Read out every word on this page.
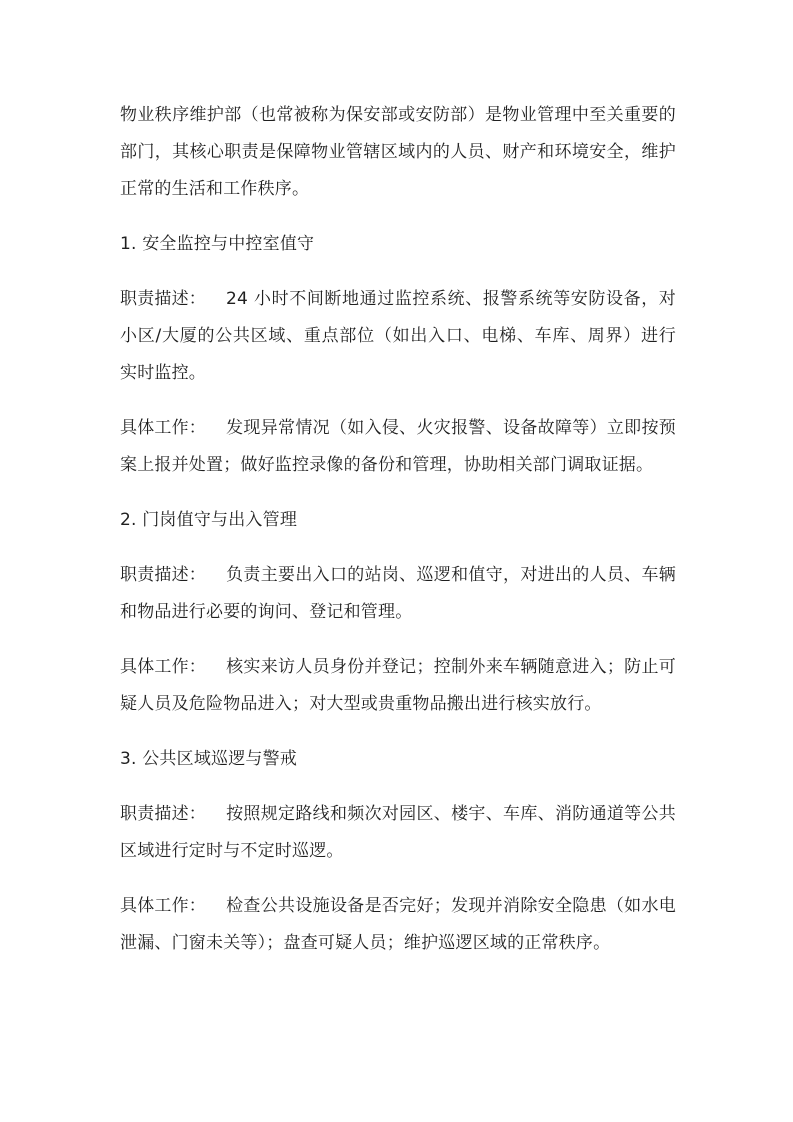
物业秩序维护部（也常被称为保安部或安防部）是物业管理中至关重要的部门，其核心职责是保障物业管辖区域内的人员、财产和环境安全，维护正常的生活和工作秩序。

1. 安全监控与中控室值守

职责描述： 24 小时不间断地通过监控系统、报警系统等安防设备，对小区/大厦的公共区域、重点部位（如出入口、电梯、车库、周界）进行实时监控。

具体工作： 发现异常情况（如入侵、火灾报警、设备故障等）立即按预案上报并处置；做好监控录像的备份和管理，协助相关部门调取证据。

2. 门岗值守与出入管理

职责描述： 负责主要出入口的站岗、巡逻和值守，对进出的人员、车辆和物品进行必要的询问、登记和管理。

具体工作： 核实来访人员身份并登记；控制外来车辆随意进入；防止可疑人员及危险物品进入；对大型或贵重物品搬出进行核实放行。

3. 公共区域巡逻与警戒

职责描述： 按照规定路线和频次对园区、楼宇、车库、消防通道等公共区域进行定时与不定时巡逻。

具体工作： 检查公共设施设备是否完好；发现并消除安全隐患（如水电泄漏、门窗未关等）；盘查可疑人员；维护巡逻区域的正常秩序。
